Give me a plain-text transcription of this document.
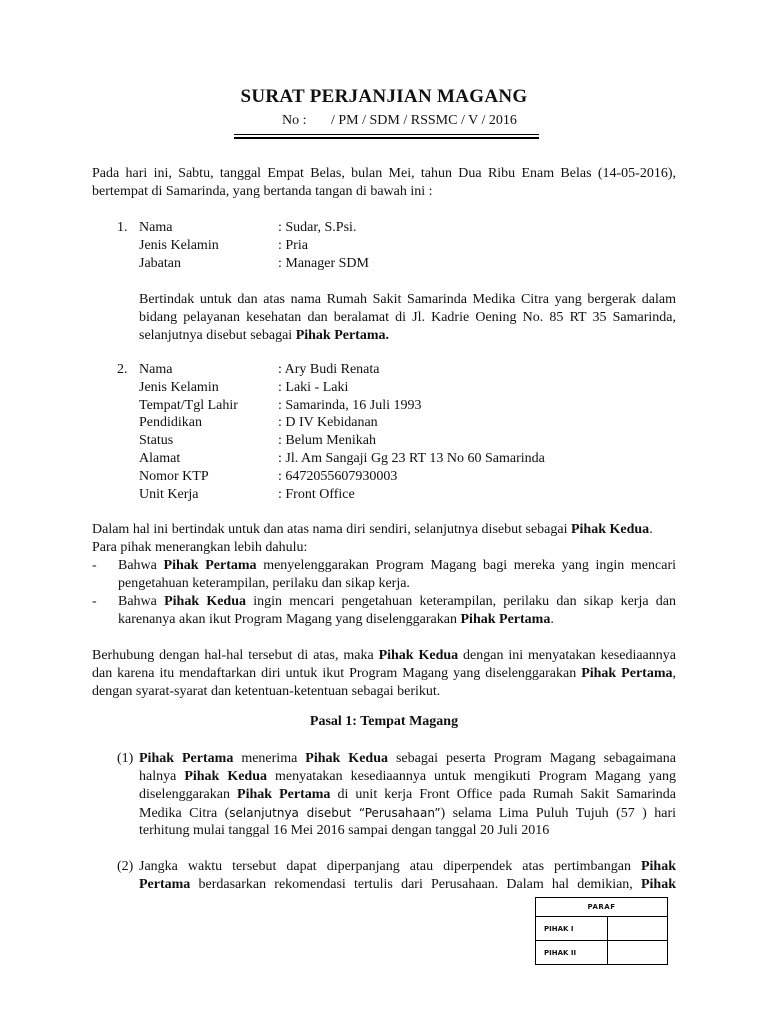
SURAT PERJANJIAN MAGANG
No :       / PM / SDM / RSSMC / V / 2016
Pada hari ini, Sabtu, tanggal Empat Belas, bulan Mei, tahun Dua Ribu Enam Belas (14-05-2016),
bertempat di Samarinda, yang bertanda tangan di bawah ini :
1. Nama	: Sudar, S.Psi.
Jenis Kelamin	: Pria
Jabatan	: Manager SDM
Bertindak untuk dan atas nama Rumah Sakit Samarinda Medika Citra yang bergerak dalam
bidang pelayanan kesehatan dan beralamat di Jl. Kadrie Oening No. 85 RT 35 Samarinda,
selanjutnya disebut sebagai Pihak Pertama.
2. Nama	: Ary Budi Renata
Jenis Kelamin	: Laki - Laki
Tempat/Tgl Lahir	: Samarinda, 16 Juli 1993
Pendidikan	: D IV Kebidanan
Status	: Belum Menikah
Alamat	: Jl. Am Sangaji Gg 23 RT 13 No 60 Samarinda
Nomor KTP	: 6472055607930003
Unit Kerja	: Front Office
Dalam hal ini bertindak untuk dan atas nama diri sendiri, selanjutnya disebut sebagai Pihak Kedua.
Para pihak menerangkan lebih dahulu:
- Bahwa Pihak Pertama menyelenggarakan Program Magang bagi mereka yang ingin mencari
pengetahuan keterampilan, perilaku dan sikap kerja.
- Bahwa Pihak Kedua ingin mencari pengetahuan keterampilan, perilaku dan sikap kerja dan
karenanya akan ikut Program Magang yang diselenggarakan Pihak Pertama.
Berhubung dengan hal-hal tersebut di atas, maka Pihak Kedua dengan ini menyatakan kesediaannya
dan karena itu mendaftarkan diri untuk ikut Program Magang yang diselenggarakan Pihak Pertama,
dengan syarat-syarat dan ketentuan-ketentuan sebagai berikut.
Pasal 1: Tempat Magang
(1) Pihak Pertama menerima Pihak Kedua sebagai peserta Program Magang sebagaimana
halnya Pihak Kedua menyatakan kesediaannya untuk mengikuti Program Magang yang
diselenggarakan Pihak Pertama di unit kerja Front Office pada Rumah Sakit Samarinda
Medika Citra (selanjutnya disebut “Perusahaan”) selama Lima Puluh Tujuh (57 ) hari
terhitung mulai tanggal 16 Mei 2016 sampai dengan tanggal 20 Juli 2016
(2) Jangka waktu tersebut dapat diperpanjang atau diperpendek atas pertimbangan Pihak
Pertama berdasarkan rekomendasi tertulis dari Perusahaan. Dalam hal demikian, Pihak
PARAF	
PIHAK I	
PIHAK II	
